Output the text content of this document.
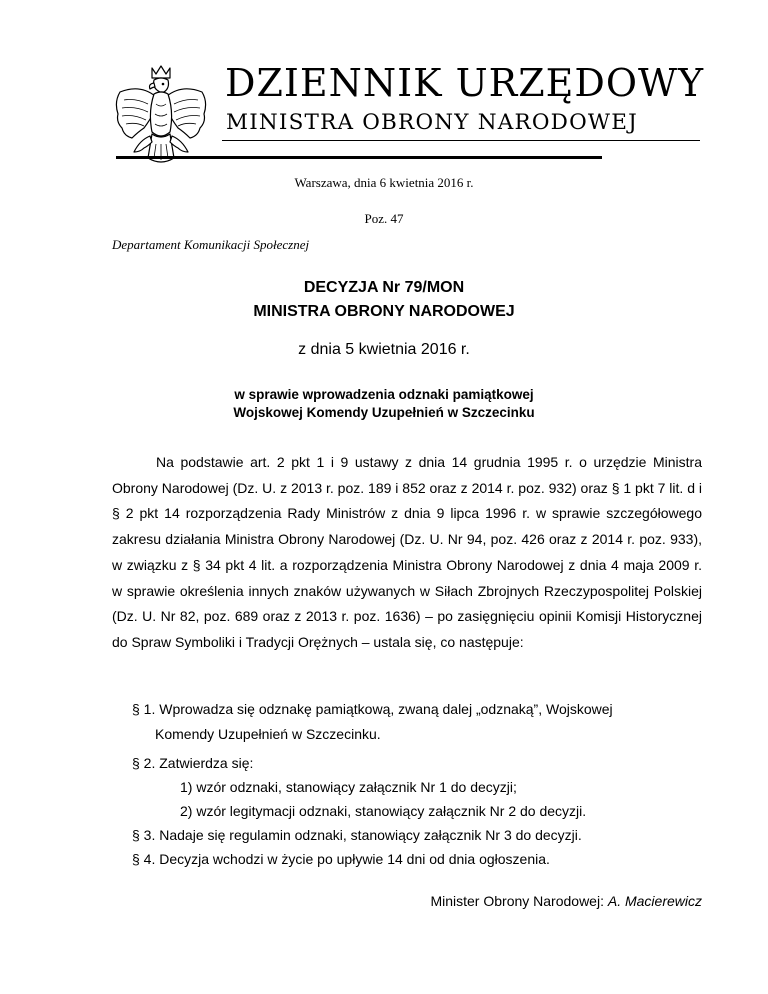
DZIENNIK URZĘDOWY
MINISTRA OBRONY NARODOWEJ
Warszawa, dnia 6 kwietnia 2016 r.
Poz. 47
Departament Komunikacji Społecznej
DECYZJA Nr 79/MON
MINISTRA OBRONY NARODOWEJ
z dnia 5 kwietnia 2016 r.
w sprawie wprowadzenia odznaki pamiątkowej
Wojskowej Komendy Uzupełnień w Szczecinku
Na podstawie art. 2 pkt 1 i 9 ustawy z dnia 14 grudnia 1995 r. o urzędzie Ministra Obrony Narodowej (Dz. U. z 2013 r. poz. 189 i 852 oraz z 2014 r. poz. 932) oraz § 1 pkt 7 lit. d i § 2 pkt 14 rozporządzenia Rady Ministrów z dnia 9 lipca 1996 r. w sprawie szczegółowego zakresu działania Ministra Obrony Narodowej (Dz. U. Nr 94, poz. 426 oraz z 2014 r. poz. 933), w związku z § 34 pkt 4 lit. a rozporządzenia Ministra Obrony Narodowej z dnia 4 maja 2009 r. w sprawie określenia innych znaków używanych w Siłach Zbrojnych Rzeczypospolitej Polskiej (Dz. U. Nr 82, poz. 689 oraz z 2013 r. poz. 1636) – po zasięgnięciu opinii Komisji Historycznej do Spraw Symboliki i Tradycji Orężnych – ustala się, co następuje:
§ 1. Wprowadza się odznakę pamiątkową, zwaną dalej „odznaką”, Wojskowej
Komendy Uzupełnień w Szczecinku.
§ 2. Zatwierdza się:
1) wzór odznaki, stanowiący załącznik Nr 1 do decyzji;
2) wzór legitymacji odznaki, stanowiący załącznik Nr 2 do decyzji.
§ 3. Nadaje się regulamin odznaki, stanowiący załącznik Nr 3 do decyzji.
§ 4. Decyzja wchodzi w życie po upływie 14 dni od dnia ogłoszenia.
Minister Obrony Narodowej: A. Macierewicz
